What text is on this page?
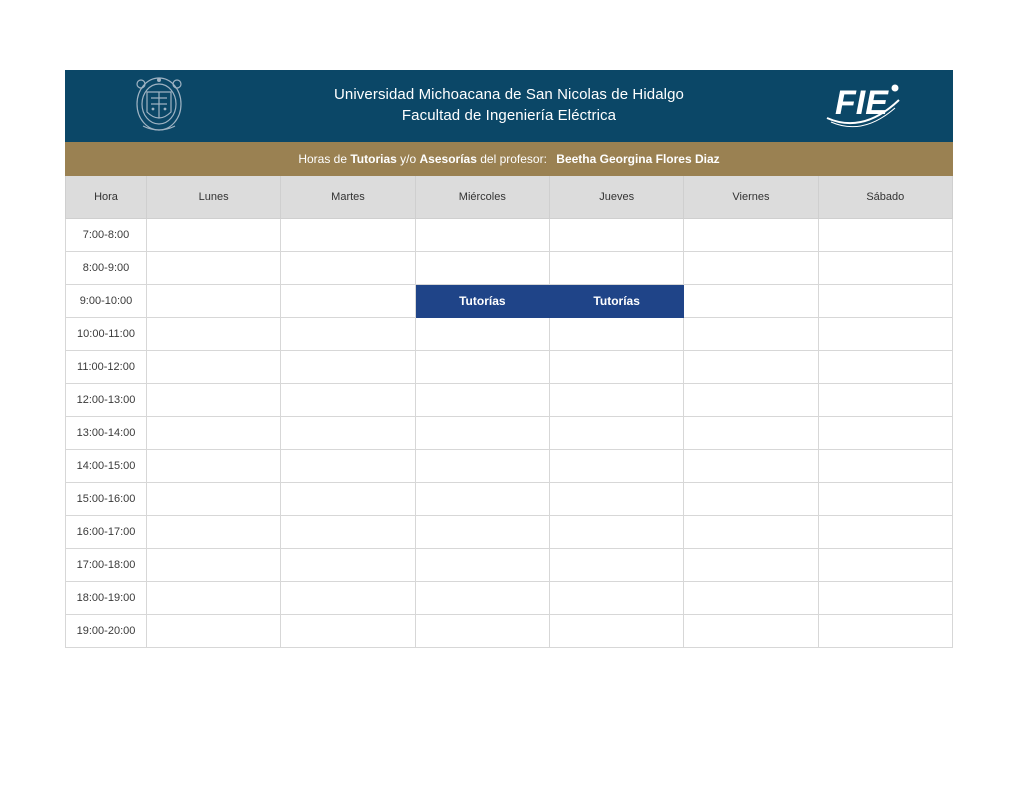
Universidad Michoacana de San Nicolas de Hidalgo
Facultad de Ingeniería Eléctrica	FIE
Horas de Tutorias y/o Asesorías del profesor: Beetha Georgina Flores Diaz
Hora	Lunes	Martes	Miércoles	Jueves	Viernes	Sábado
7:00-8:00						
8:00-9:00						
9:00-10:00			Tutorías	Tutorías		
10:00-11:00						
11:00-12:00						
12:00-13:00						
13:00-14:00						
14:00-15:00						
15:00-16:00						
16:00-17:00						
17:00-18:00						
18:00-19:00						
19:00-20:00						
